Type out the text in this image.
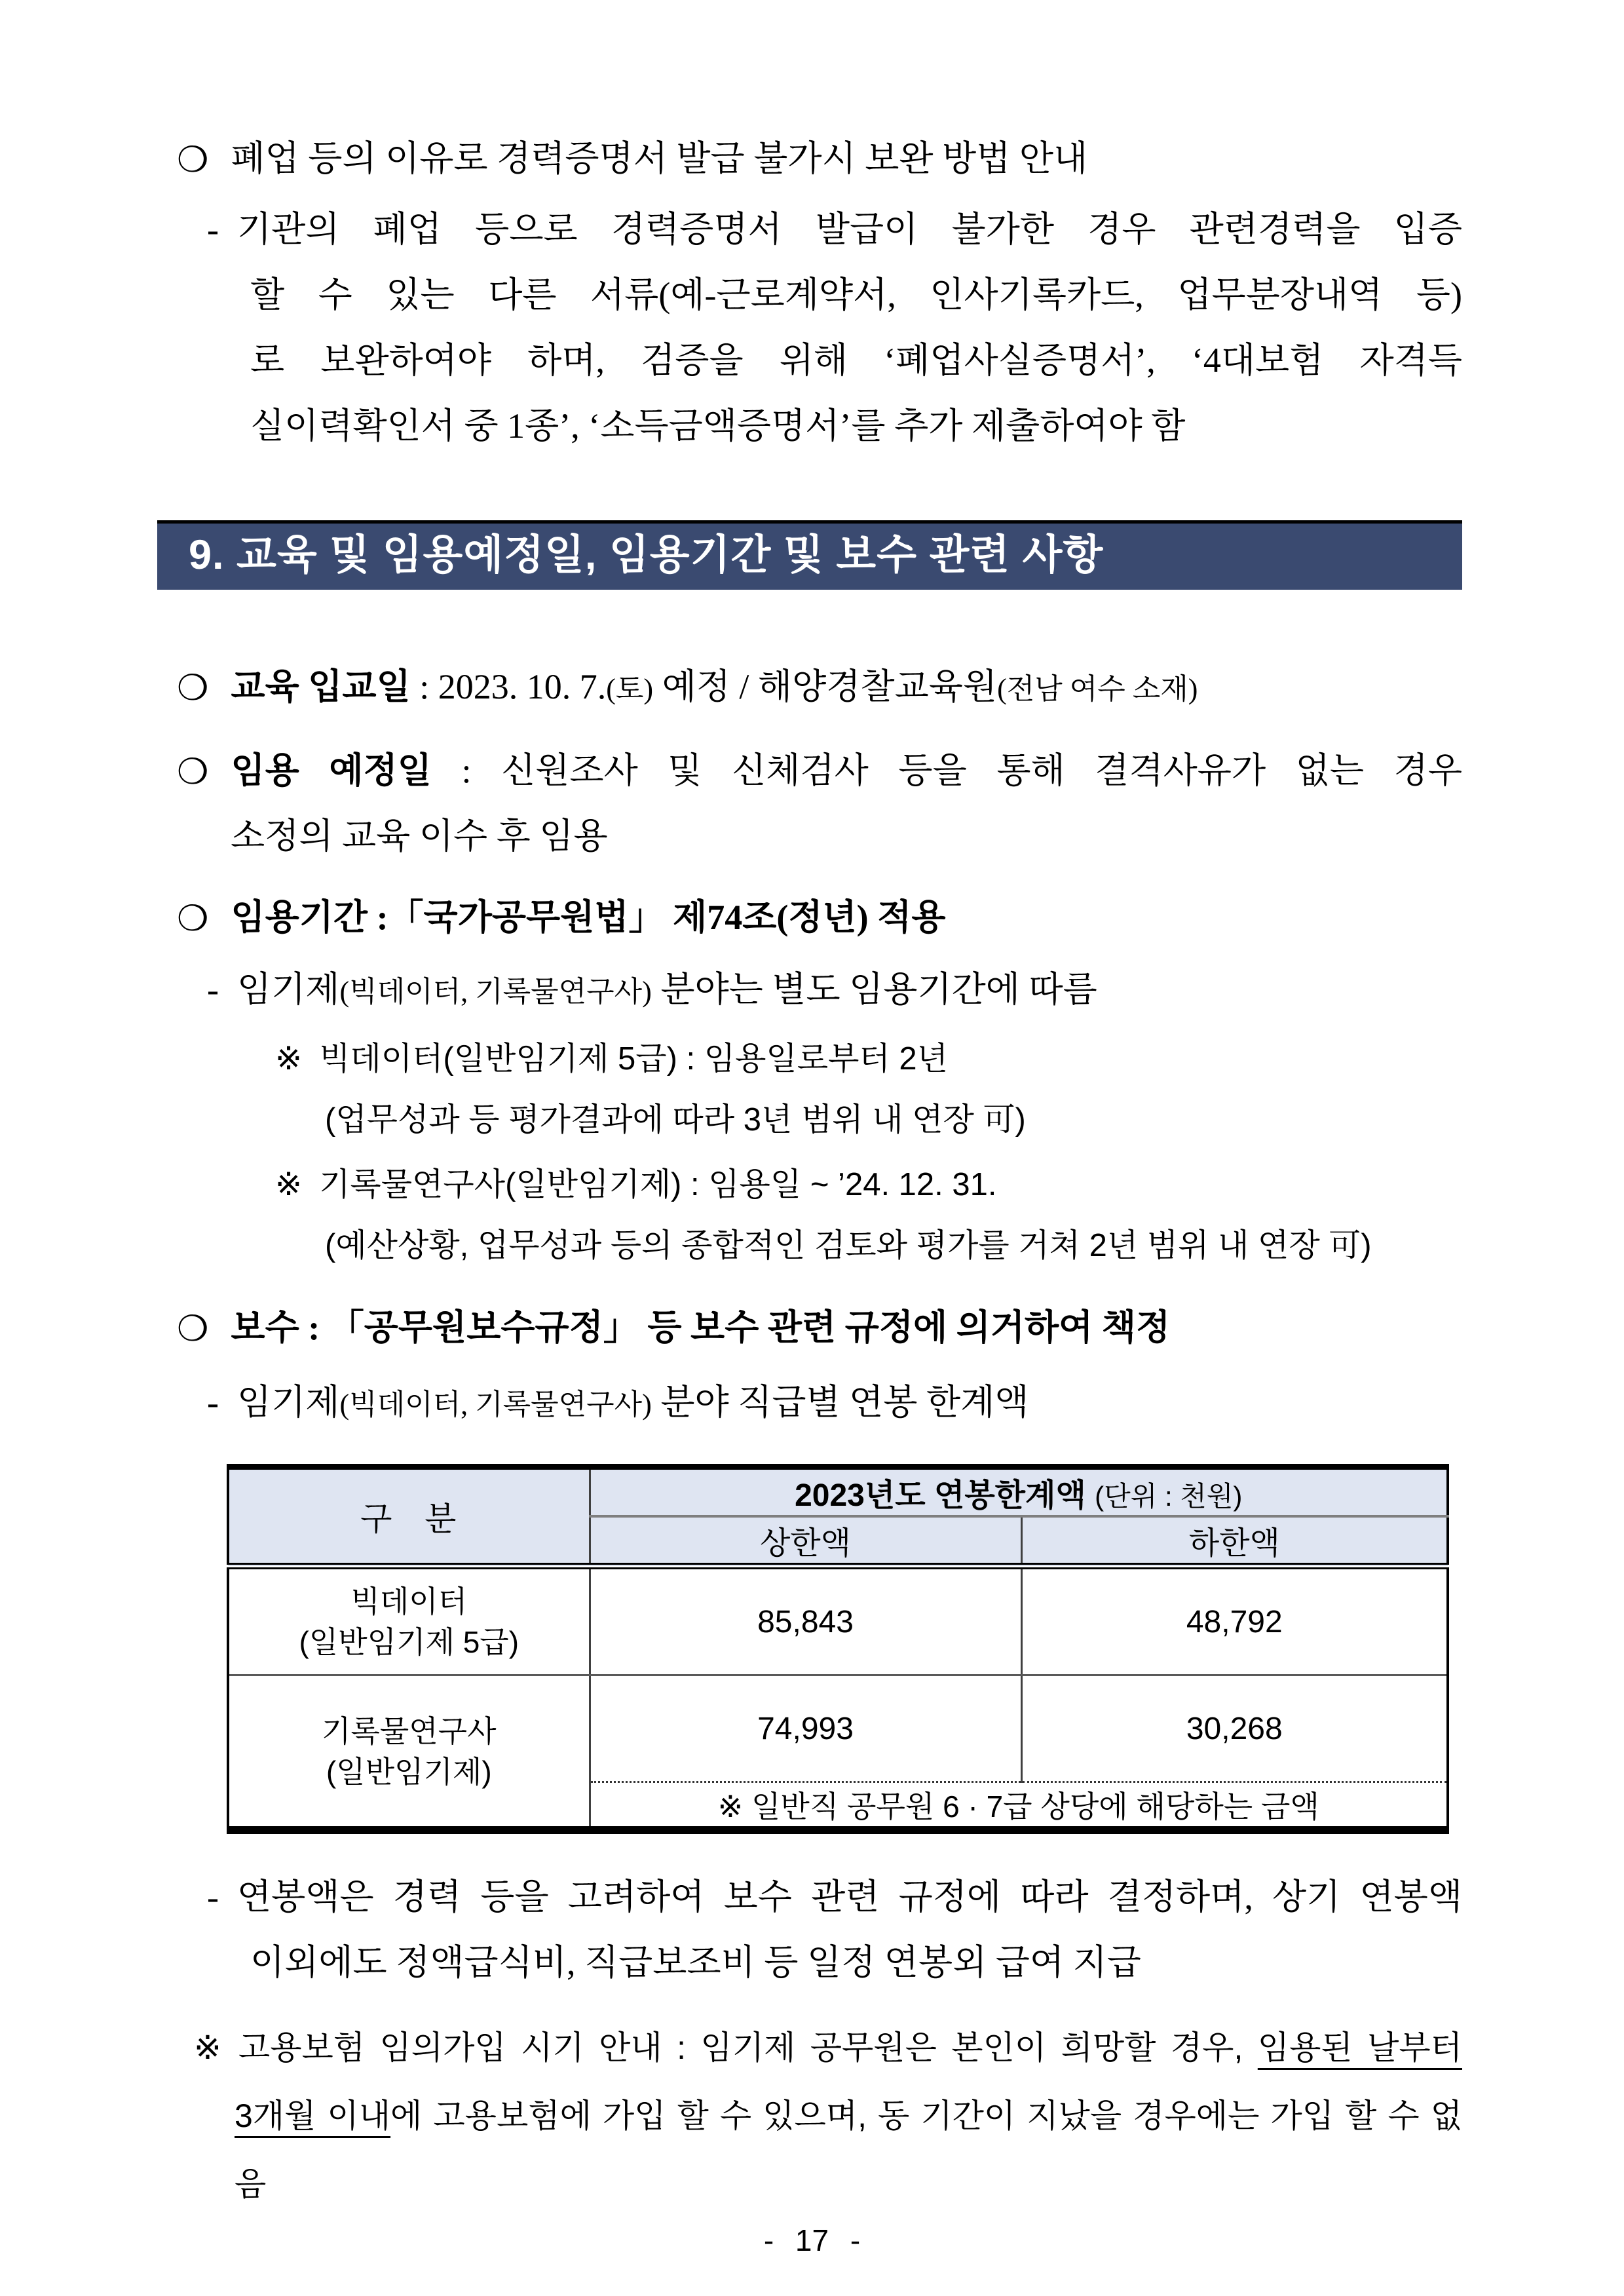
❍ 폐업 등의 이유로 경력증명서 발급 불가시 보완 방법 안내
- 기관의 폐업 등으로 경력증명서 발급이 불가한 경우 관련경력을 입증
할 수 있는 다른 서류(예-근로계약서, 인사기록카드, 업무분장내역 등)
로 보완하여야 하며, 검증을 위해 ‘폐업사실증명서’, ‘4대보험 자격득
실이력확인서 중 1종’, ‘소득금액증명서’를 추가 제출하여야 함
9. 교육 및 임용예정일, 임용기간 및 보수 관련 사항
❍ 교육 입교일 : 2023. 10. 7.(토) 예정 / 해양경찰교육원(전남 여수 소재)
❍ 임용 예정일 : 신원조사 및 신체검사 등을 통해 결격사유가 없는 경우
소정의 교육 이수 후 임용
❍ 임용기간 :「국가공무원법」 제74조(정년) 적용
- 임기제(빅데이터, 기록물연구사) 분야는 별도 임용기간에 따름
※ 빅데이터(일반임기제 5급) : 임용일로부터 2년
(업무성과 등 평가결과에 따라 3년 범위 내 연장 可)
※ 기록물연구사(일반임기제) : 임용일 ~ ’24. 12. 31.
(예산상황, 업무성과 등의 종합적인 검토와 평가를 거쳐 2년 범위 내 연장 可)
❍ 보수 : 「공무원보수규정」 등 보수 관련 규정에 의거하여 책정
- 임기제(빅데이터, 기록물연구사) 분야 직급별 연봉 한계액
구   분	2023년도 연봉한계액 (단위 : 천원)	
	상한액	하한액

빅데이터
(일반임기제 5급)	85,843	48,792

기록물연구사
(일반임기제)	74,993	30,268
	※ 일반직 공무원 6 · 7급 상당에 해당하는 금액	
- 연봉액은 경력 등을 고려하여 보수 관련 규정에 따라 결정하며, 상기 연봉액
이외에도 정액급식비, 직급보조비 등 일정 연봉외 급여 지급
※ 고용보험 임의가입 시기 안내 : 임기제 공무원은 본인이 희망할 경우, 임용된 날부터
3개월 이내에 고용보험에 가입 할 수 있으며, 동 기간이 지났을 경우에는 가입 할 수 없음
- 17 -
